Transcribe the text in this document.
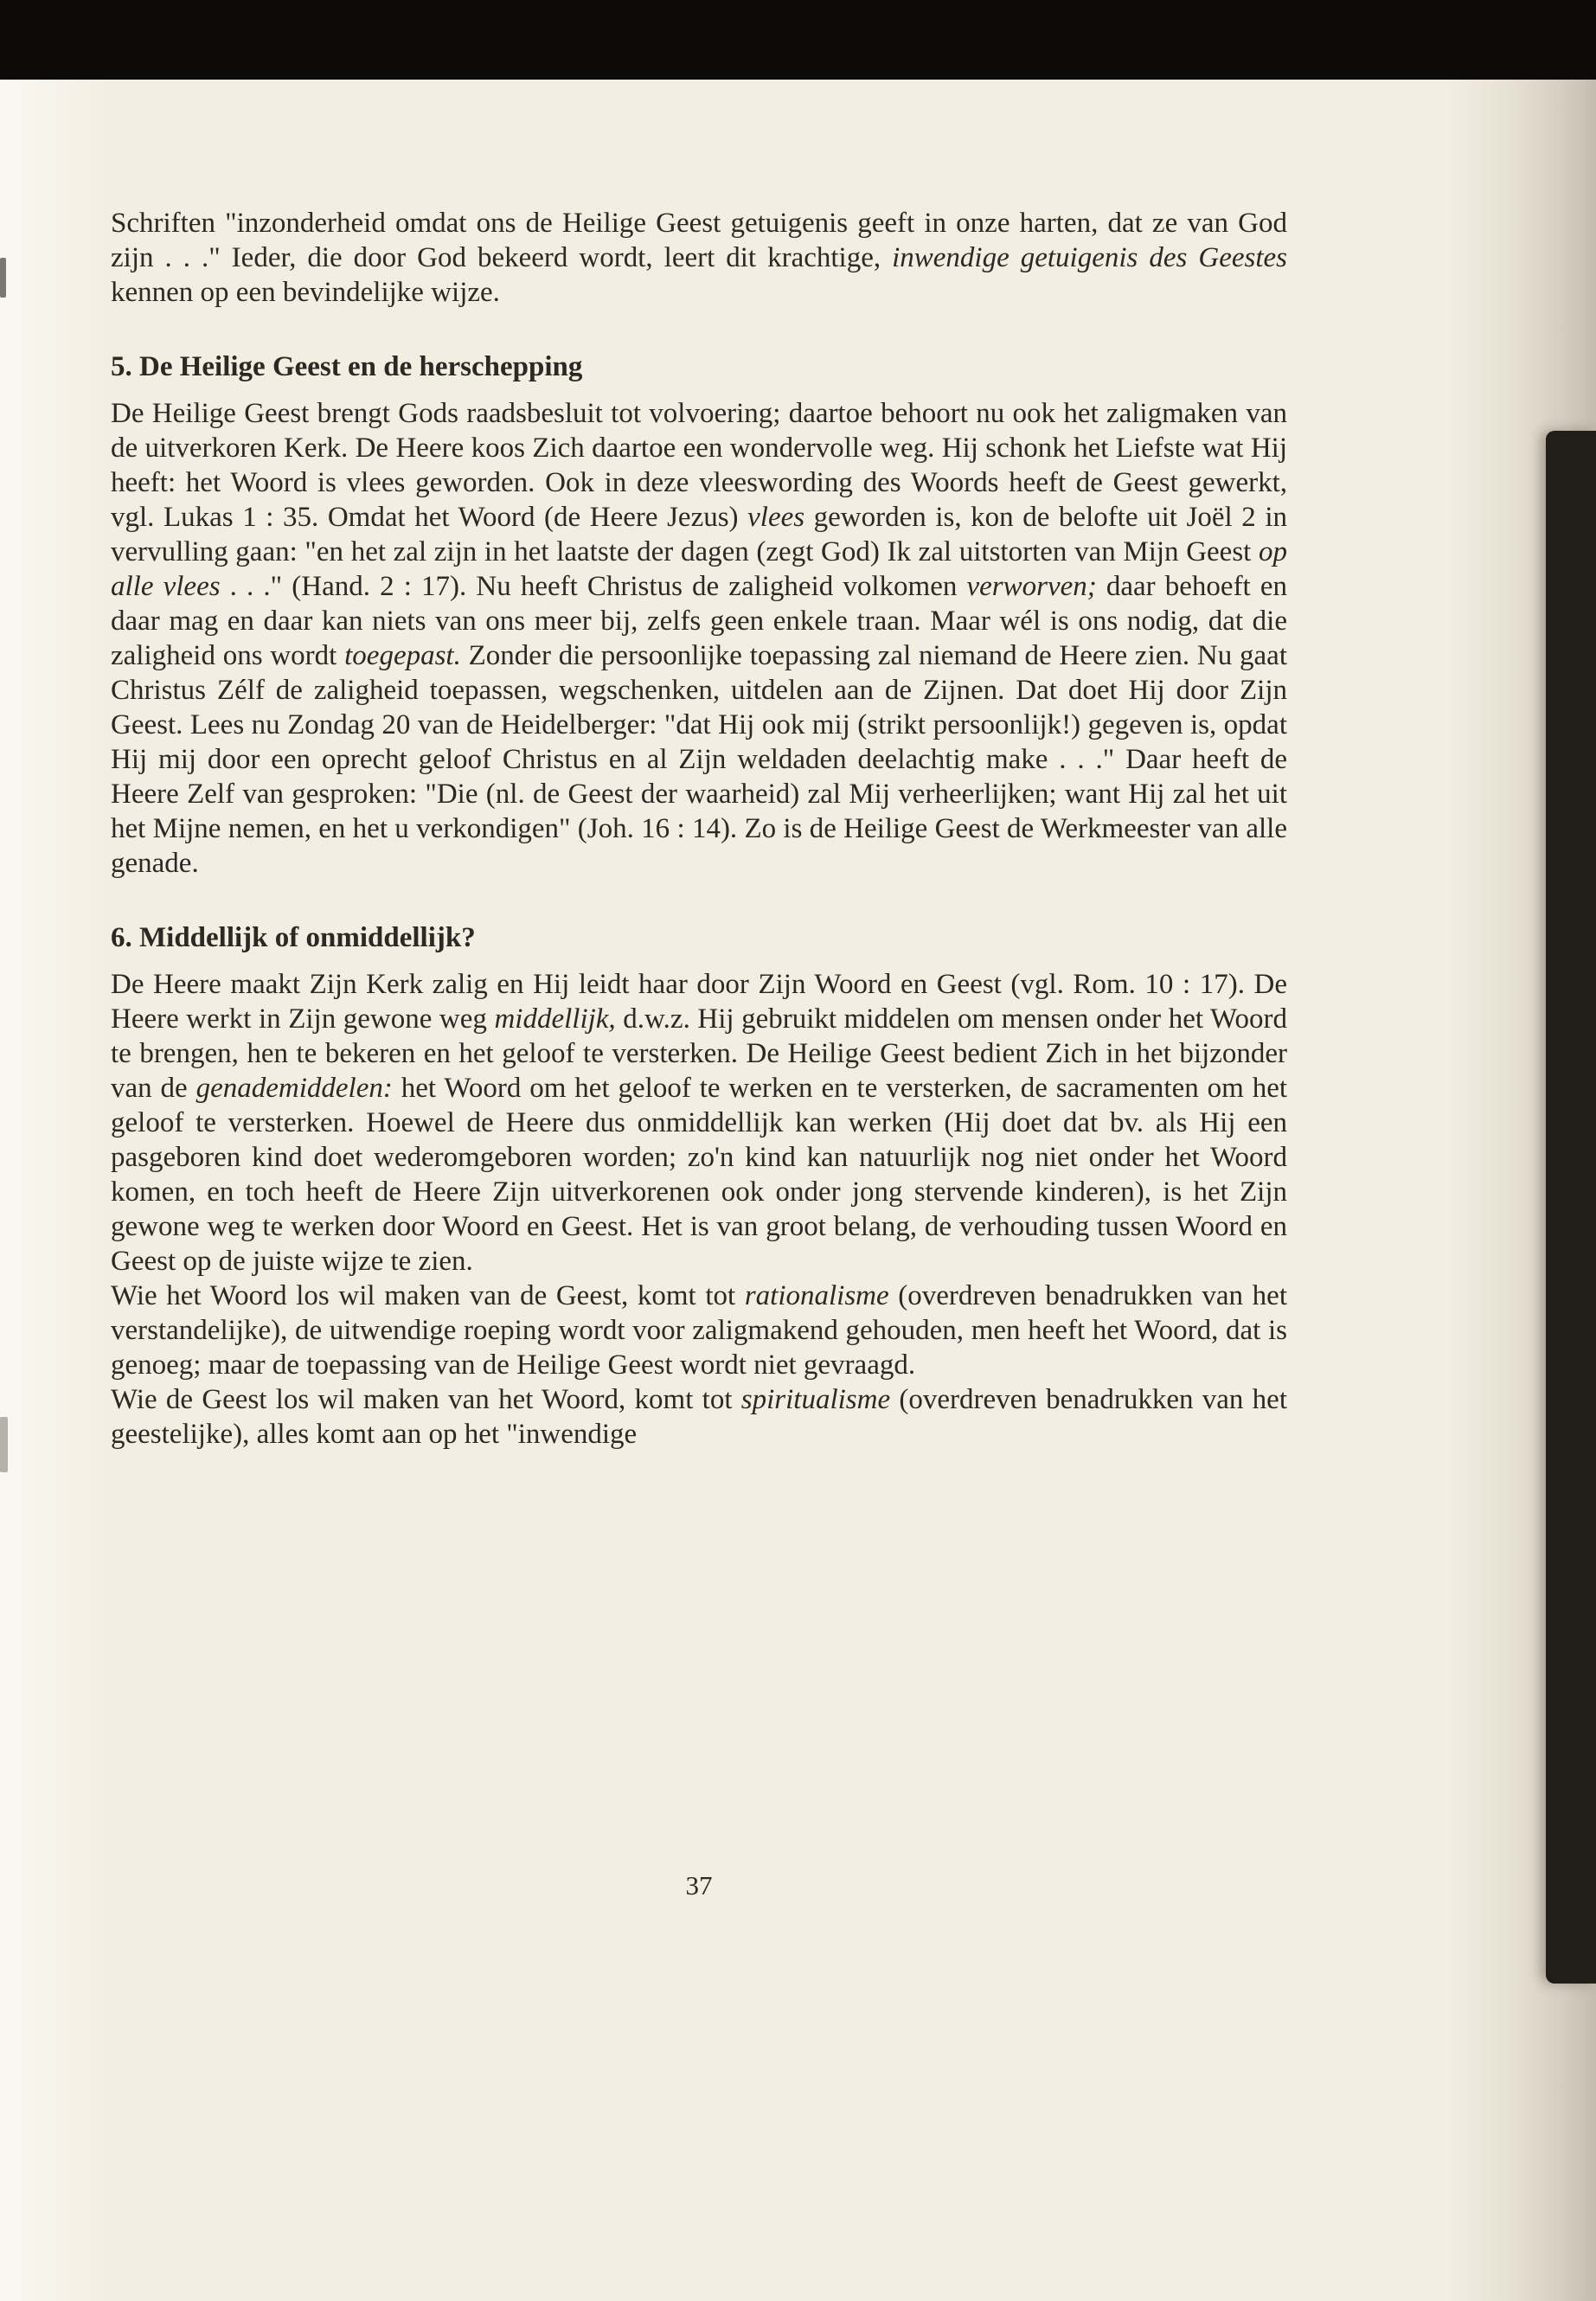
Schriften "inzonderheid omdat ons de Heilige Geest getuigenis geeft in onze harten, dat ze van God zijn . . ." Ieder, die door God bekeerd wordt, leert dit krachtige, inwendige getuigenis des Geestes kennen op een bevindelijke wijze.

5. De Heilige Geest en de herschepping

De Heilige Geest brengt Gods raadsbesluit tot volvoering; daartoe behoort nu ook het zaligmaken van de uitverkoren Kerk. De Heere koos Zich daartoe een wondervolle weg. Hij schonk het Liefste wat Hij heeft: het Woord is vlees geworden. Ook in deze vleeswording des Woords heeft de Geest gewerkt, vgl. Lukas 1 : 35. Omdat het Woord (de Heere Jezus) vlees geworden is, kon de belofte uit Joël 2 in vervulling gaan: "en het zal zijn in het laatste der dagen (zegt God) Ik zal uitstorten van Mijn Geest op alle vlees . . ." (Hand. 2 : 17). Nu heeft Christus de zaligheid volkomen verworven; daar behoeft en daar mag en daar kan niets van ons meer bij, zelfs geen enkele traan. Maar wél is ons nodig, dat die zaligheid ons wordt toegepast. Zonder die persoonlijke toepassing zal niemand de Heere zien. Nu gaat Christus Zélf de zaligheid toepassen, wegschenken, uitdelen aan de Zijnen. Dat doet Hij door Zijn Geest. Lees nu Zondag 20 van de Heidelberger: "dat Hij ook mij (strikt persoonlijk!) gegeven is, opdat Hij mij door een oprecht geloof Christus en al Zijn weldaden deelachtig make . . ." Daar heeft de Heere Zelf van gesproken: "Die (nl. de Geest der waarheid) zal Mij verheerlijken; want Hij zal het uit het Mijne nemen, en het u verkondigen" (Joh. 16 : 14). Zo is de Heilige Geest de Werkmeester van alle genade.

6. Middellijk of onmiddellijk?

De Heere maakt Zijn Kerk zalig en Hij leidt haar door Zijn Woord en Geest (vgl. Rom. 10 : 17). De Heere werkt in Zijn gewone weg middellijk, d.w.z. Hij gebruikt middelen om mensen onder het Woord te brengen, hen te bekeren en het geloof te versterken. De Heilige Geest bedient Zich in het bijzonder van de genademiddelen: het Woord om het geloof te werken en te versterken, de sacramenten om het geloof te versterken. Hoewel de Heere dus onmiddellijk kan werken (Hij doet dat bv. als Hij een pasgeboren kind doet wederomgeboren worden; zo'n kind kan natuurlijk nog niet onder het Woord komen, en toch heeft de Heere Zijn uitverkorenen ook onder jong stervende kinderen), is het Zijn gewone weg te werken door Woord en Geest. Het is van groot belang, de verhouding tussen Woord en Geest op de juiste wijze te zien.

Wie het Woord los wil maken van de Geest, komt tot rationalisme (overdreven benadrukken van het verstandelijke), de uitwendige roeping wordt voor zaligmakend gehouden, men heeft het Woord, dat is genoeg; maar de toepassing van de Heilige Geest wordt niet gevraagd.

Wie de Geest los wil maken van het Woord, komt tot spiritualisme (overdreven benadrukken van het geestelijke), alles komt aan op het "inwendige

37
